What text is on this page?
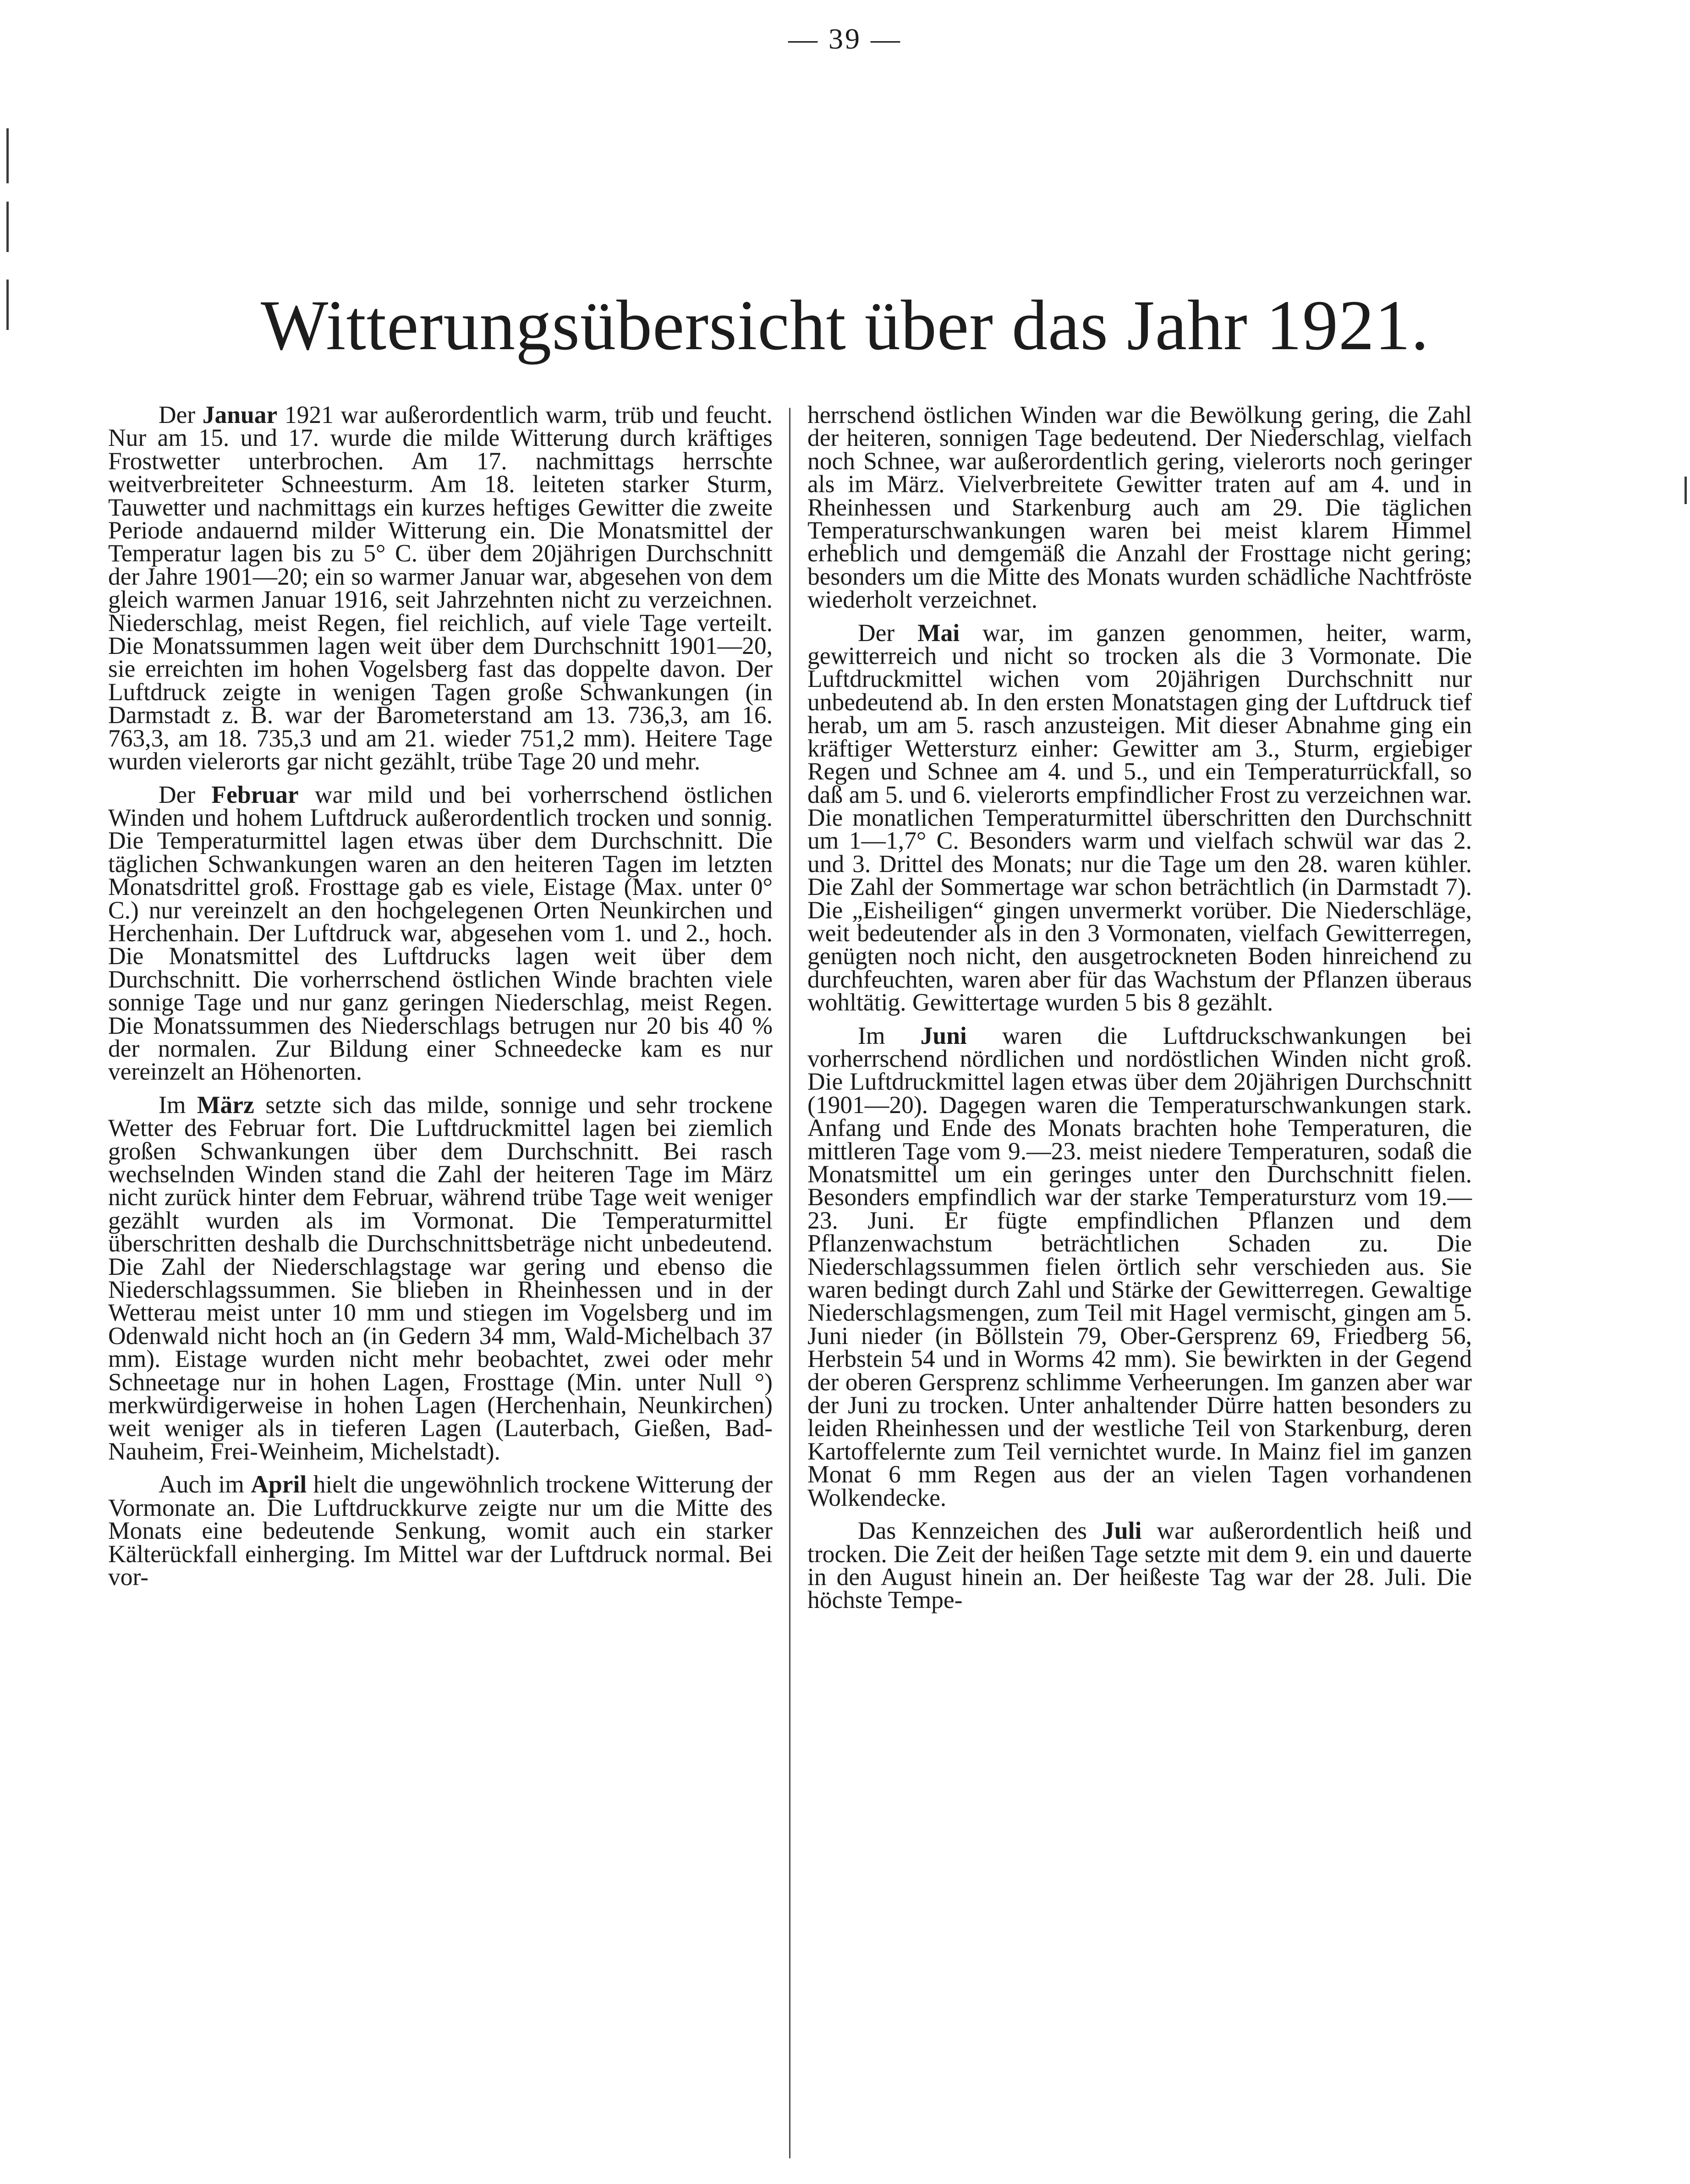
— 39 —
Witterungsübersicht über das Jahr 1921.

Der Januar 1921 war außerordentlich warm, trüb und feucht. Nur am 15. und 17. wurde die milde Witterung durch kräftiges Frostwetter unterbrochen. Am 17. nachmittags herrschte weitverbreiteter Schneesturm. Am 18. leiteten starker Sturm, Tauwetter und nachmittags ein kurzes heftiges Gewitter die zweite Periode andauernd milder Witterung ein. Die Monatsmittel der Temperatur lagen bis zu 5° C. über dem 20jährigen Durchschnitt der Jahre 1901—20; ein so warmer Januar war, abgesehen von dem gleich warmen Januar 1916, seit Jahrzehnten nicht zu verzeichnen. Niederschlag, meist Regen, fiel reichlich, auf viele Tage verteilt. Die Monatssummen lagen weit über dem Durchschnitt 1901—20, sie erreichten im hohen Vogelsberg fast das doppelte davon. Der Luftdruck zeigte in wenigen Tagen große Schwankungen (in Darmstadt z. B. war der Barometerstand am 13. 736,3, am 16. 763,3, am 18. 735,3 und am 21. wieder 751,2 mm). Heitere Tage wurden vielerorts gar nicht gezählt, trübe Tage 20 und mehr.

Der Februar war mild und bei vorherrschend östlichen Winden und hohem Luftdruck außerordentlich trocken und sonnig. Die Temperaturmittel lagen etwas über dem Durchschnitt. Die täglichen Schwankungen waren an den heiteren Tagen im letzten Monatsdrittel groß. Frosttage gab es viele, Eistage (Max. unter 0° C.) nur vereinzelt an den hochgelegenen Orten Neunkirchen und Herchenhain. Der Luftdruck war, abgesehen vom 1. und 2., hoch. Die Monatsmittel des Luftdrucks lagen weit über dem Durchschnitt. Die vorherrschend östlichen Winde brachten viele sonnige Tage und nur ganz geringen Niederschlag, meist Regen. Die Monatssummen des Niederschlags betrugen nur 20 bis 40 % der normalen. Zur Bildung einer Schneedecke kam es nur vereinzelt an Höhenorten.

Im März setzte sich das milde, sonnige und sehr trockene Wetter des Februar fort. Die Luftdruckmittel lagen bei ziemlich großen Schwankungen über dem Durchschnitt. Bei rasch wechselnden Winden stand die Zahl der heiteren Tage im März nicht zurück hinter dem Februar, während trübe Tage weit weniger gezählt wurden als im Vormonat. Die Temperaturmittel überschritten deshalb die Durchschnittsbeträge nicht unbedeutend. Die Zahl der Niederschlagstage war gering und ebenso die Niederschlagssummen. Sie blieben in Rheinhessen und in der Wetterau meist unter 10 mm und stiegen im Vogelsberg und im Odenwald nicht hoch an (in Gedern 34 mm, Wald-Michelbach 37 mm). Eistage wurden nicht mehr beobachtet, zwei oder mehr Schneetage nur in hohen Lagen, Frosttage (Min. unter Null °) merkwürdigerweise in hohen Lagen (Herchenhain, Neunkirchen) weit weniger als in tieferen Lagen (Lauterbach, Gießen, Bad-Nauheim, Frei-Weinheim, Michelstadt).

Auch im April hielt die ungewöhnlich trockene Witterung der Vormonate an. Die Luftdruckkurve zeigte nur um die Mitte des Monats eine bedeutende Senkung, womit auch ein starker Kälterückfall einherging. Im Mittel war der Luftdruck normal. Bei vor-

herrschend östlichen Winden war die Bewölkung gering, die Zahl der heiteren, sonnigen Tage bedeutend. Der Niederschlag, vielfach noch Schnee, war außerordentlich gering, vielerorts noch geringer als im März. Vielverbreitete Gewitter traten auf am 4. und in Rheinhessen und Starkenburg auch am 29. Die täglichen Temperaturschwankungen waren bei meist klarem Himmel erheblich und demgemäß die Anzahl der Frosttage nicht gering; besonders um die Mitte des Monats wurden schädliche Nachtfröste wiederholt verzeichnet.

Der Mai war, im ganzen genommen, heiter, warm, gewitterreich und nicht so trocken als die 3 Vormonate. Die Luftdruckmittel wichen vom 20jährigen Durchschnitt nur unbedeutend ab. In den ersten Monatstagen ging der Luftdruck tief herab, um am 5. rasch anzusteigen. Mit dieser Abnahme ging ein kräftiger Wettersturz einher: Gewitter am 3., Sturm, ergiebiger Regen und Schnee am 4. und 5., und ein Temperaturrückfall, so daß am 5. und 6. vielerorts empfindlicher Frost zu verzeichnen war. Die monatlichen Temperaturmittel überschritten den Durchschnitt um 1—1,7° C. Besonders warm und vielfach schwül war das 2. und 3. Drittel des Monats; nur die Tage um den 28. waren kühler. Die Zahl der Sommertage war schon beträchtlich (in Darmstadt 7). Die „Eisheiligen“ gingen unvermerkt vorüber. Die Niederschläge, weit bedeutender als in den 3 Vormonaten, vielfach Gewitterregen, genügten noch nicht, den ausgetrockneten Boden hinreichend zu durchfeuchten, waren aber für das Wachstum der Pflanzen überaus wohltätig. Gewittertage wurden 5 bis 8 gezählt.

Im Juni waren die Luftdruckschwankungen bei vorherrschend nördlichen und nordöstlichen Winden nicht groß. Die Luftdruckmittel lagen etwas über dem 20jährigen Durchschnitt (1901—20). Dagegen waren die Temperaturschwankungen stark. Anfang und Ende des Monats brachten hohe Temperaturen, die mittleren Tage vom 9.—23. meist niedere Temperaturen, sodaß die Monatsmittel um ein geringes unter den Durchschnitt fielen. Besonders empfindlich war der starke Temperatursturz vom 19.—23. Juni. Er fügte empfindlichen Pflanzen und dem Pflanzenwachstum beträchtlichen Schaden zu. Die Niederschlagssummen fielen örtlich sehr verschieden aus. Sie waren bedingt durch Zahl und Stärke der Gewitterregen. Gewaltige Niederschlagsmengen, zum Teil mit Hagel vermischt, gingen am 5. Juni nieder (in Böllstein 79, Ober-Gersprenz 69, Friedberg 56, Herbstein 54 und in Worms 42 mm). Sie bewirkten in der Gegend der oberen Gersprenz schlimme Verheerungen. Im ganzen aber war der Juni zu trocken. Unter anhaltender Dürre hatten besonders zu leiden Rheinhessen und der westliche Teil von Starkenburg, deren Kartoffelernte zum Teil vernichtet wurde. In Mainz fiel im ganzen Monat 6 mm Regen aus der an vielen Tagen vorhandenen Wolkendecke.

Das Kennzeichen des Juli war außerordentlich heiß und trocken. Die Zeit der heißen Tage setzte mit dem 9. ein und dauerte in den August hinein an. Der heißeste Tag war der 28. Juli. Die höchste Tempe-
